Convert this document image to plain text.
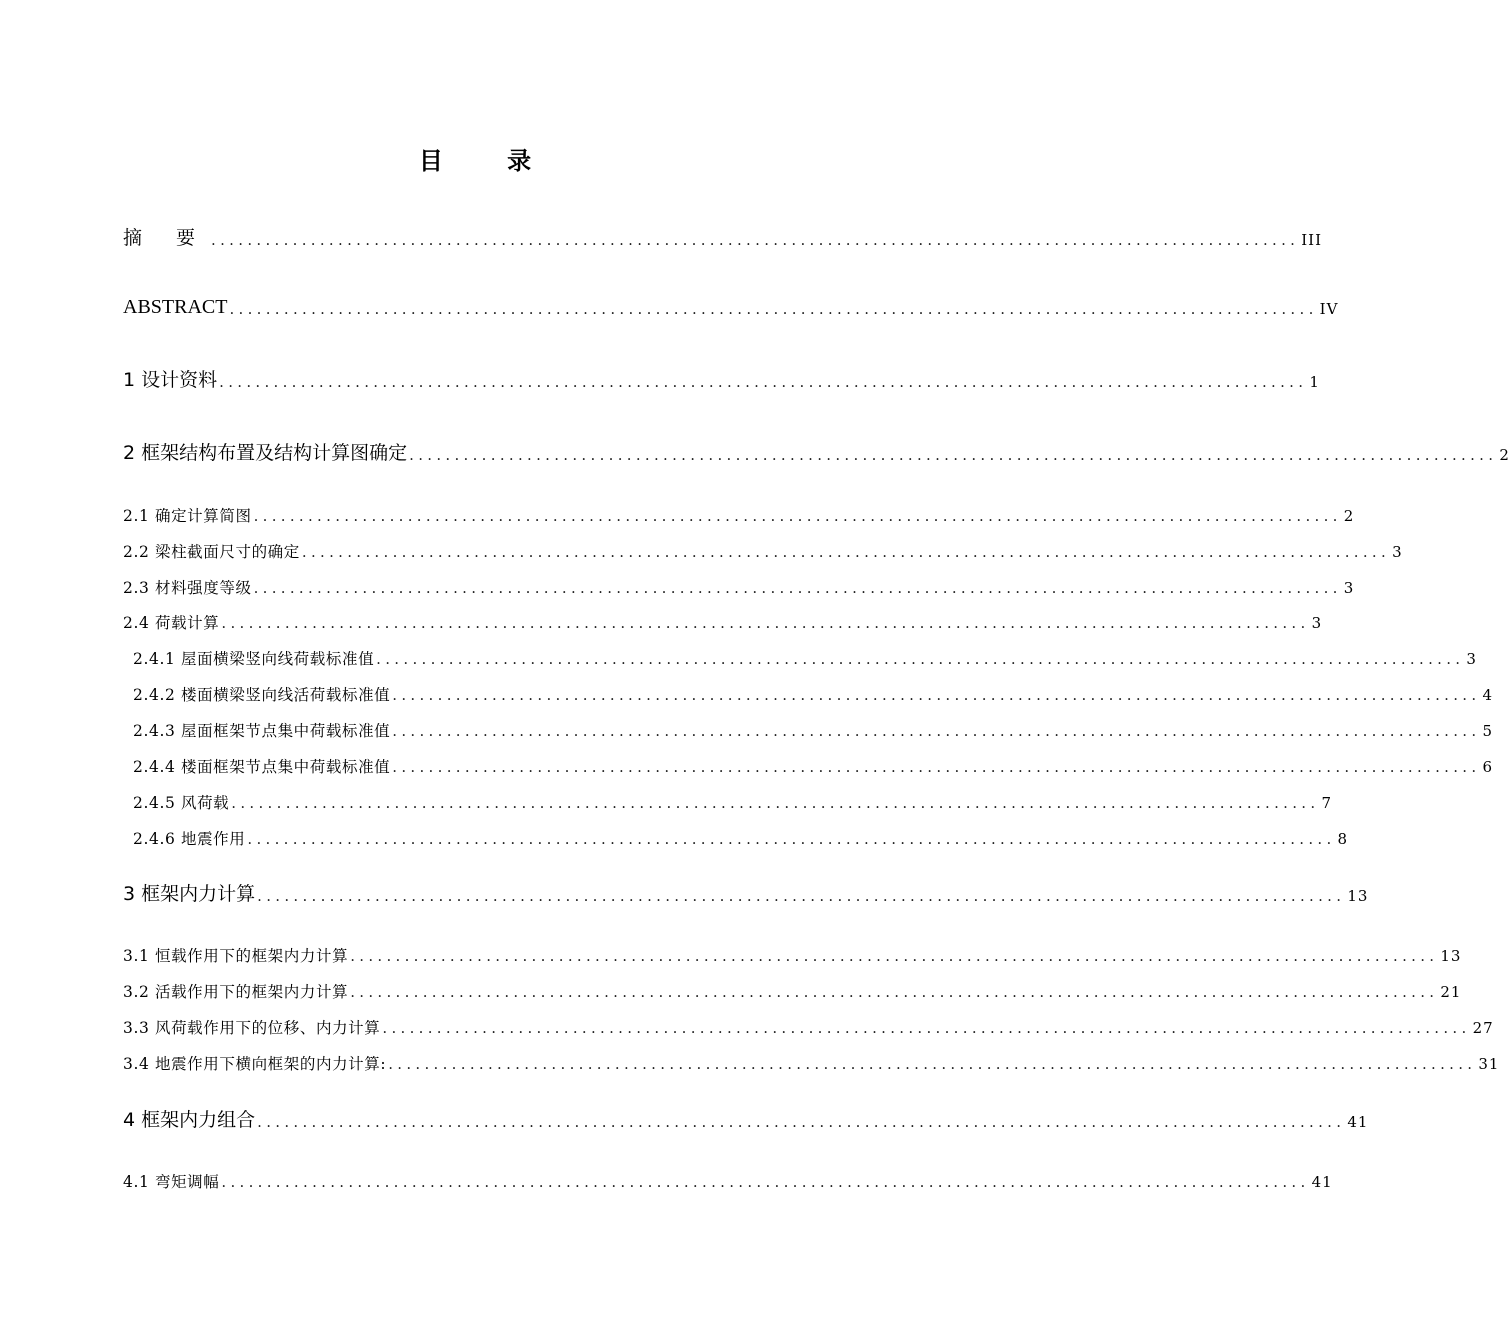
目 录
摘 要 ........................................................................................................................ III
ABSTRACT ........................................................................................................................ IV
1 设计资料 ........................................................................................................................ 1
2 框架结构布置及结构计算图确定 ........................................................................................................................ 2
2.1 确定计算简图 ........................................................................................................................ 2
2.2 梁柱截面尺寸的确定 ........................................................................................................................ 3
2.3 材料强度等级 ........................................................................................................................ 3
2.4 荷载计算 ........................................................................................................................ 3
2.4.1 屋面横梁竖向线荷载标准值 ........................................................................................................................ 3
2.4.2 楼面横梁竖向线活荷载标准值 ........................................................................................................................ 4
2.4.3 屋面框架节点集中荷载标准值 ........................................................................................................................ 5
2.4.4 楼面框架节点集中荷载标准值 ........................................................................................................................ 6
2.4.5 风荷载 ........................................................................................................................ 7
2.4.6 地震作用 ........................................................................................................................ 8
3 框架内力计算 ........................................................................................................................ 13
3.1 恒载作用下的框架内力计算 ........................................................................................................................ 13
3.2 活载作用下的框架内力计算 ........................................................................................................................ 21
3.3 风荷载作用下的位移、内力计算 ........................................................................................................................ 27
3.4 地震作用下横向框架的内力计算: ........................................................................................................................ 31
4 框架内力组合 ........................................................................................................................ 41
4.1 弯矩调幅 ........................................................................................................................ 41
